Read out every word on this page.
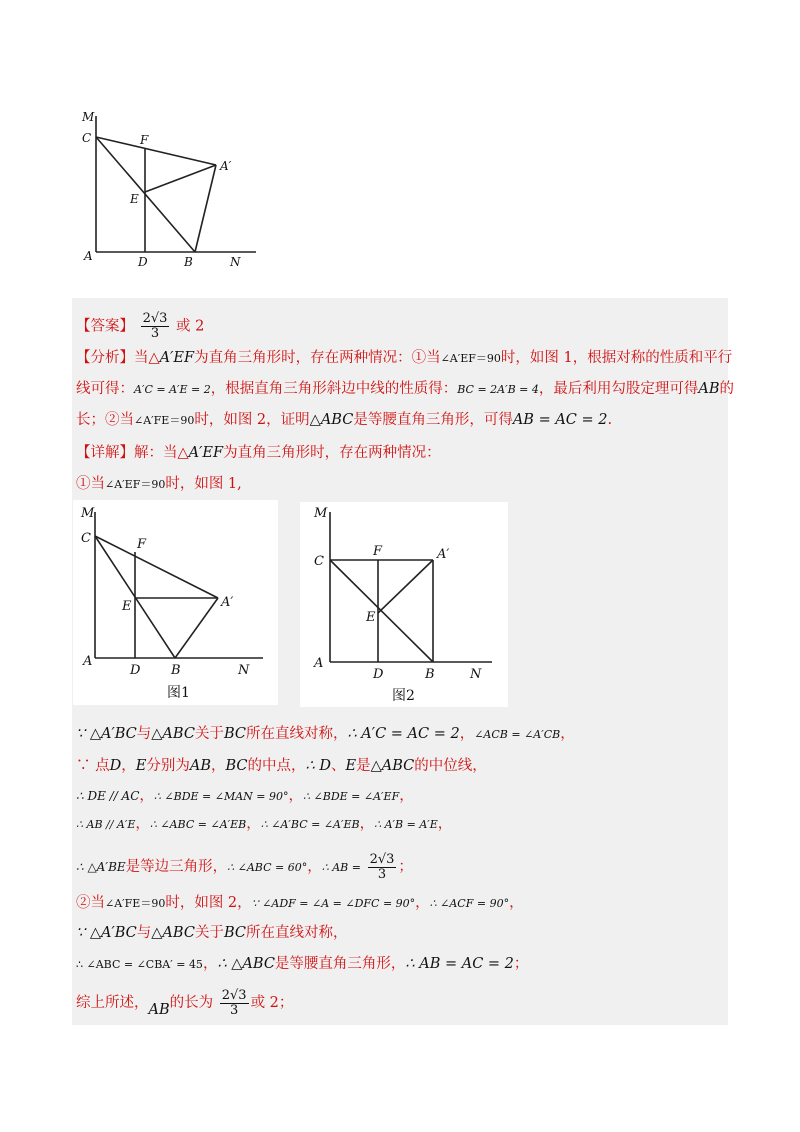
M
C	F
A′
E
A	D	B	N
【答案】 $\frac{2√3}{3}$ 或 2
【分析】当△A′EF为直角三角形时，存在两种情况：①当∠A′EF＝90时，如图 1，根据对称的性质和平行
线可得：A′C = A′E = 2，根据直角三角形斜边中线的性质得：BC = 2A′B = 4，最后利用勾股定理可得AB的
长；②当∠A′FE＝90时，如图 2，证明△ABC是等腰直角三角形，可得AB = AC = 2.
【详解】解：当△A′EF为直角三角形时，存在两种情况：
①当∠A′EF＝90时，如图 1,
M
C	F
A′
E
A
D B	N
图1
M
C
F	A′
E
A
D	B	N
图2
∵ △A′BC与△ABC关于BC所在直线对称，∴ A′C = AC = 2，∠ACB = ∠A′CB，
∵ 点D，E分别为AB，BC的中点，∴ D、E是△ABC的中位线，
∴ DE // AC，∴ ∠BDE = ∠MAN = 90°，∴ ∠BDE = ∠A′EF，
∴ AB // A′E，∴ ∠ABC = ∠A′EB，∴ ∠A′BC = ∠A′EB，∴ A′B = A′E，
∴ △A′BE是等边三角形，∴ ∠ABC = 60°，∴ AB = $\frac{2√3}{3}$ ；
②当∠A′FE＝90时，如图 2，∵ ∠ADF = ∠A = ∠DFC = 90°，∴ ∠ACF = 90°，
∵ △A′BC与△ABC关于BC所在直线对称，
∴ ∠ABC = ∠CBA′ = 45，∴ △ABC是等腰直角三角形，∴ AB = AC = 2；
综上所述，AB的长为 $\frac{2√3}{3}$ 或 2；
